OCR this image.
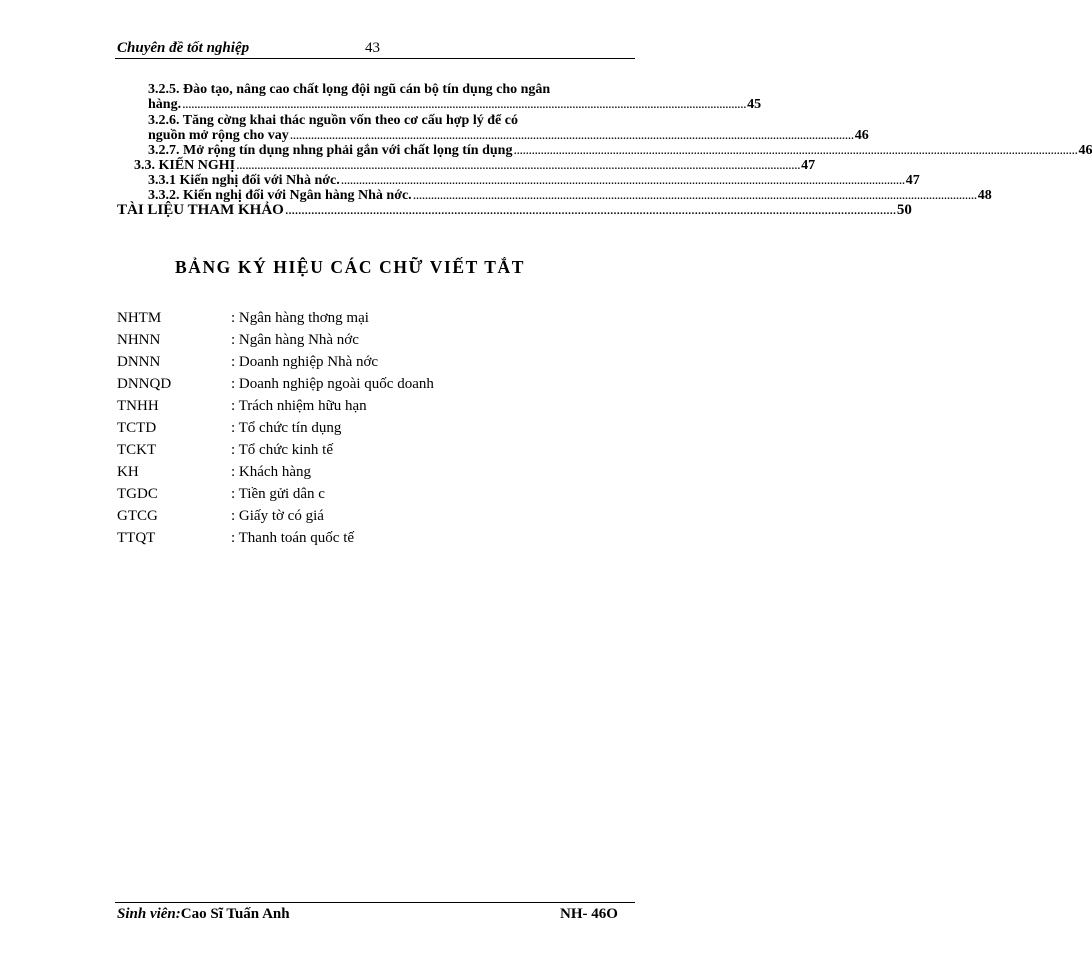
Chuyên đề tốt nghiệp	43
3.2.5. Đào tạo, nâng cao chất lọng đội ngũ cán bộ tín dụng cho ngân
hàng. ............................................................................................................................................................................................ 45
3.2.6. Tăng cờng khai thác nguồn vốn theo cơ cấu hợp lý để có
nguồn mở rộng cho vay ............................................................................................................................................................................................ 46
3.2.7. Mở rộng tín dụng nhng phải gắn với chất lọng tín dụng ............................................................................................................................................................................................ 46
3.3. KIẾN NGHỊ ............................................................................................................................................................................................ 47
3.3.1 Kiến nghị đối với Nhà nớc. ............................................................................................................................................................................................ 47
3.3.2. Kiến nghị đối với Ngân hàng Nhà nớc. ............................................................................................................................................................................................ 48
TÀI LIỆU THAM KHẢO ............................................................................................................................................................................................ 50
BẢNG KÝ HIỆU CÁC CHỮ VIẾT TẮT
NHTM	: Ngân hàng thơng mại
NHNN	: Ngân hàng Nhà nớc
DNNN	: Doanh nghiệp Nhà nớc
DNNQD	: Doanh nghiệp ngoài quốc doanh
TNHH	: Trách nhiệm hữu hạn
TCTD	: Tổ chức tín dụng
TCKT	: Tổ chức kinh tế
KH	: Khách hàng
TGDC	: Tiền gửi dân c
GTCG	: Giấy tờ có giá
TTQT	: Thanh toán quốc tế
Sinh viên:Cao Sĩ Tuấn Anh	NH- 46O
